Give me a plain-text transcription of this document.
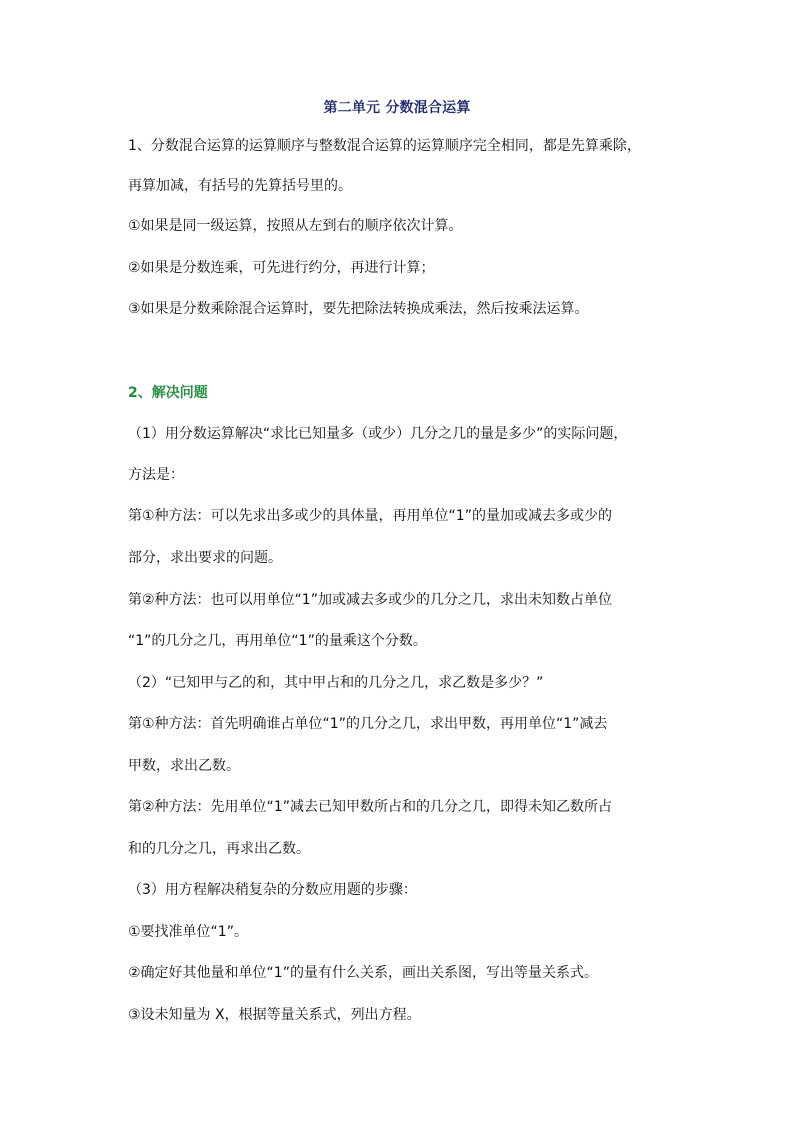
第二单元 分数混合运算
1、分数混合运算的运算顺序与整数混合运算的运算顺序完全相同，都是先算乘除，
再算加减，有括号的先算括号里的。
①如果是同一级运算，按照从左到右的顺序依次计算。
②如果是分数连乘，可先进行约分，再进行计算；
③如果是分数乘除混合运算时，要先把除法转换成乘法，然后按乘法运算。
2、解决问题
（1）用分数运算解决“求比已知量多（或少）几分之几的量是多少”的实际问题，
方法是：
第①种方法：可以先求出多或少的具体量，再用单位“1”的量加或减去多或少的
部分，求出要求的问题。
第②种方法：也可以用单位“1”加或减去多或少的几分之几，求出未知数占单位
“1”的几分之几，再用单位“1”的量乘这个分数。
（2）“已知甲与乙的和，其中甲占和的几分之几，求乙数是多少？”
第①种方法：首先明确谁占单位“1”的几分之几，求出甲数，再用单位“1”减去
甲数，求出乙数。
第②种方法：先用单位“1”减去已知甲数所占和的几分之几，即得未知乙数所占
和的几分之几，再求出乙数。
（3）用方程解决稍复杂的分数应用题的步骤：
①要找准单位“1”。
②确定好其他量和单位“1”的量有什么关系，画出关系图，写出等量关系式。
③设未知量为 X，根据等量关系式，列出方程。
